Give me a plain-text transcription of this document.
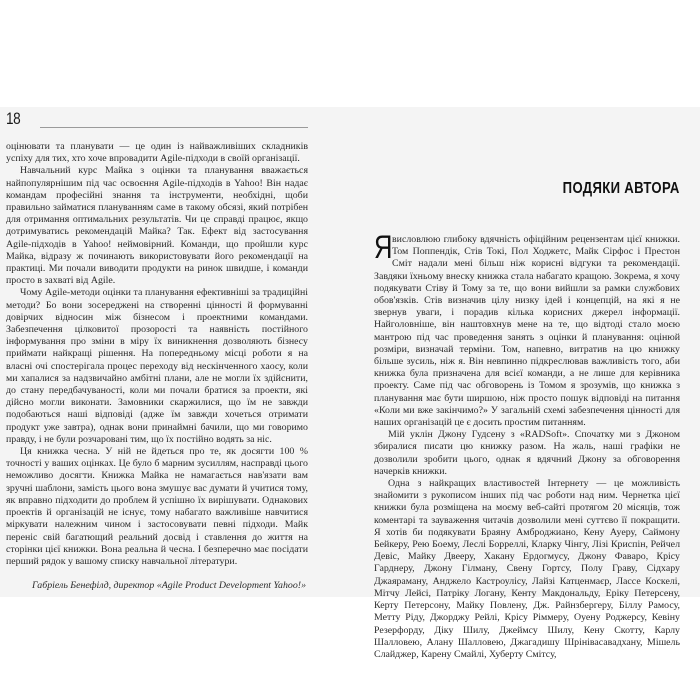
18

оцінювати та планувати — це один із найважливіших складників успіху для тих, хто хоче впровадити Agile-підходи в своїй організації.

Навчальний курс Майка з оцінки та планування вважається найпопулярнішим під час освоєння Agile-підходів в Yahoo! Він надає командам професійні знання та інструменти, необхідні, щоби правильно займатися плануванням саме в такому обсязі, який потрібен для отримання оптимальних результатів. Чи це справді працює, якщо дотримуватись рекомендацій Майка? Так. Ефект від застосування Agile-підходів в Yahoo! неймовірний. Команди, що пройшли курс Майка, відразу ж починають використовувати його рекомендації на практиці. Ми почали виводити продукти на ринок швидше, і команди просто в захваті від Agile.

Чому Agile-методи оцінки та планування ефективніші за традиційні методи? Бо вони зосереджені на створенні цінності й формуванні довірчих відносин між бізнесом і проектними командами. Забезпечення цілковитої прозорості та наявність постійного інформування про зміни в міру їх виникнення дозволяють бізнесу приймати найкращі рішення. На попередньому місці роботи я на власні очі спостерігала процес переходу від нескінченного хаосу, коли ми хапалися за надзвичайно амбітні плани, але не могли їх здійснити, до стану передбачуваності, коли ми почали братися за проекти, які дійсно могли виконати. Замовники скаржилися, що їм не завжди подобаються наші відповіді (адже їм завжди хочеться отримати продукт уже завтра), однак вони принаймні бачили, що ми говоримо правду, і не були розчаровані тим, що їх постійно водять за ніс.

Ця книжка чесна. У ній не йдеться про те, як досягти 100 % точності у ваших оцінках. Це було б марним зусиллям, насправді цього неможливо досягти. Книжка Майка не намагається нав'язати вам зручні шаблони, замість цього вона змушує вас думати й учитися тому, як вправно підходити до проблем й успішно їх вирішувати. Однакових проектів й організацій не існує, тому набагато важливіше навчитися міркувати належним чином і застосовувати певні підходи. Майк переніс свій багатющий реальний досвід і ставлення до життя на сторінки цієї книжки. Вона реальна й чесна. І безперечно має посідати перший рядок у вашому списку навчальної літератури.

Габріель Бенефілд, директор «Agile Product Development Yahoo!»

ПОДЯКИ АВТОРА

Я висловлюю глибоку вдячність офіційним рецензентам цієї книжки. Том Поппендік, Стів Токі, Пол Ходжетс, Майк Сірфос і Престон Сміт надали мені більш ніж корисні відгуки та рекомендації. Завдяки їхньому внеску книжка стала набагато кращою. Зокрема, я хочу подякувати Стіву й Тому за те, що вони вийшли за рамки службових обов'язків. Стів визначив цілу низку ідей і концепцій, на які я не звернув уваги, і порадив кілька корисних джерел інформації. Найголовніше, він наштовхнув мене на те, що відтоді стало моєю мантрою під час проведення занять з оцінки й планування: оцінюй розміри, визначай терміни. Том, напевно, витратив на цю книжку більше зусиль, ніж я. Він невпинно підкреслював важливість того, аби книжка була призначена для всієї команди, а не лише для керівника проекту. Саме під час обговорень із Томом я зрозумів, що книжка з планування має бути ширшою, ніж просто пошук відповіді на питання «Коли ми вже закінчимо?» У загальній схемі забезпечення цінності для наших організацій це є досить простим питанням.

Мій уклін Джону Гудсену з «RADSoft». Спочатку ми з Джоном збиралися писати цю книжку разом. На жаль, наші графіки не дозволили зробити цього, однак я вдячний Джону за обговорення начерків книжки.

Одна з найкращих властивостей Інтернету — це можливість знайомити з рукописом інших під час роботи над ним. Чернетка цієї книжки була розміщена на моєму веб-сайті протягом 20 місяців, тож коментарі та зауваження читачів дозволили мені суттєво її покращити. Я хотів би подякувати Браяну Амброджиано, Кену Ауеру, Саймону Бейкеру, Рею Боему, Леслі Борреллі, Кларку Чінгу, Лізі Криспін, Рейчел Девіс, Майку Двееру, Хакану Ердогмусу, Джону Фаваро, Крісу Гарднеру, Джону Гілману, Свену Гортсу, Полу Граву, Сідхару Джаярaману, Анджело Кастроулісу, Лайзі Катценмаєр, Лассе Коскелі, Мітчу Лейсі, Патріку Логану, Кенту Макдональду, Еріку Петерсену, Керту Петерсону, Майку Повлену, Дж. Райнзбергеру, Біллу Рамосу, Метту Ріду, Джорджу Рейлі, Крісу Ріммеру, Оуену Роджерсу, Кевіну Резерфорду, Діку Шилу, Джеймсу Шилу, Кену Скотту, Карлу Шалловею, Алану Шалловею, Джагадишу Шрінівасавадхану, Мішель Слайджер, Карену Смайлі, Хуберту Смітсу,
